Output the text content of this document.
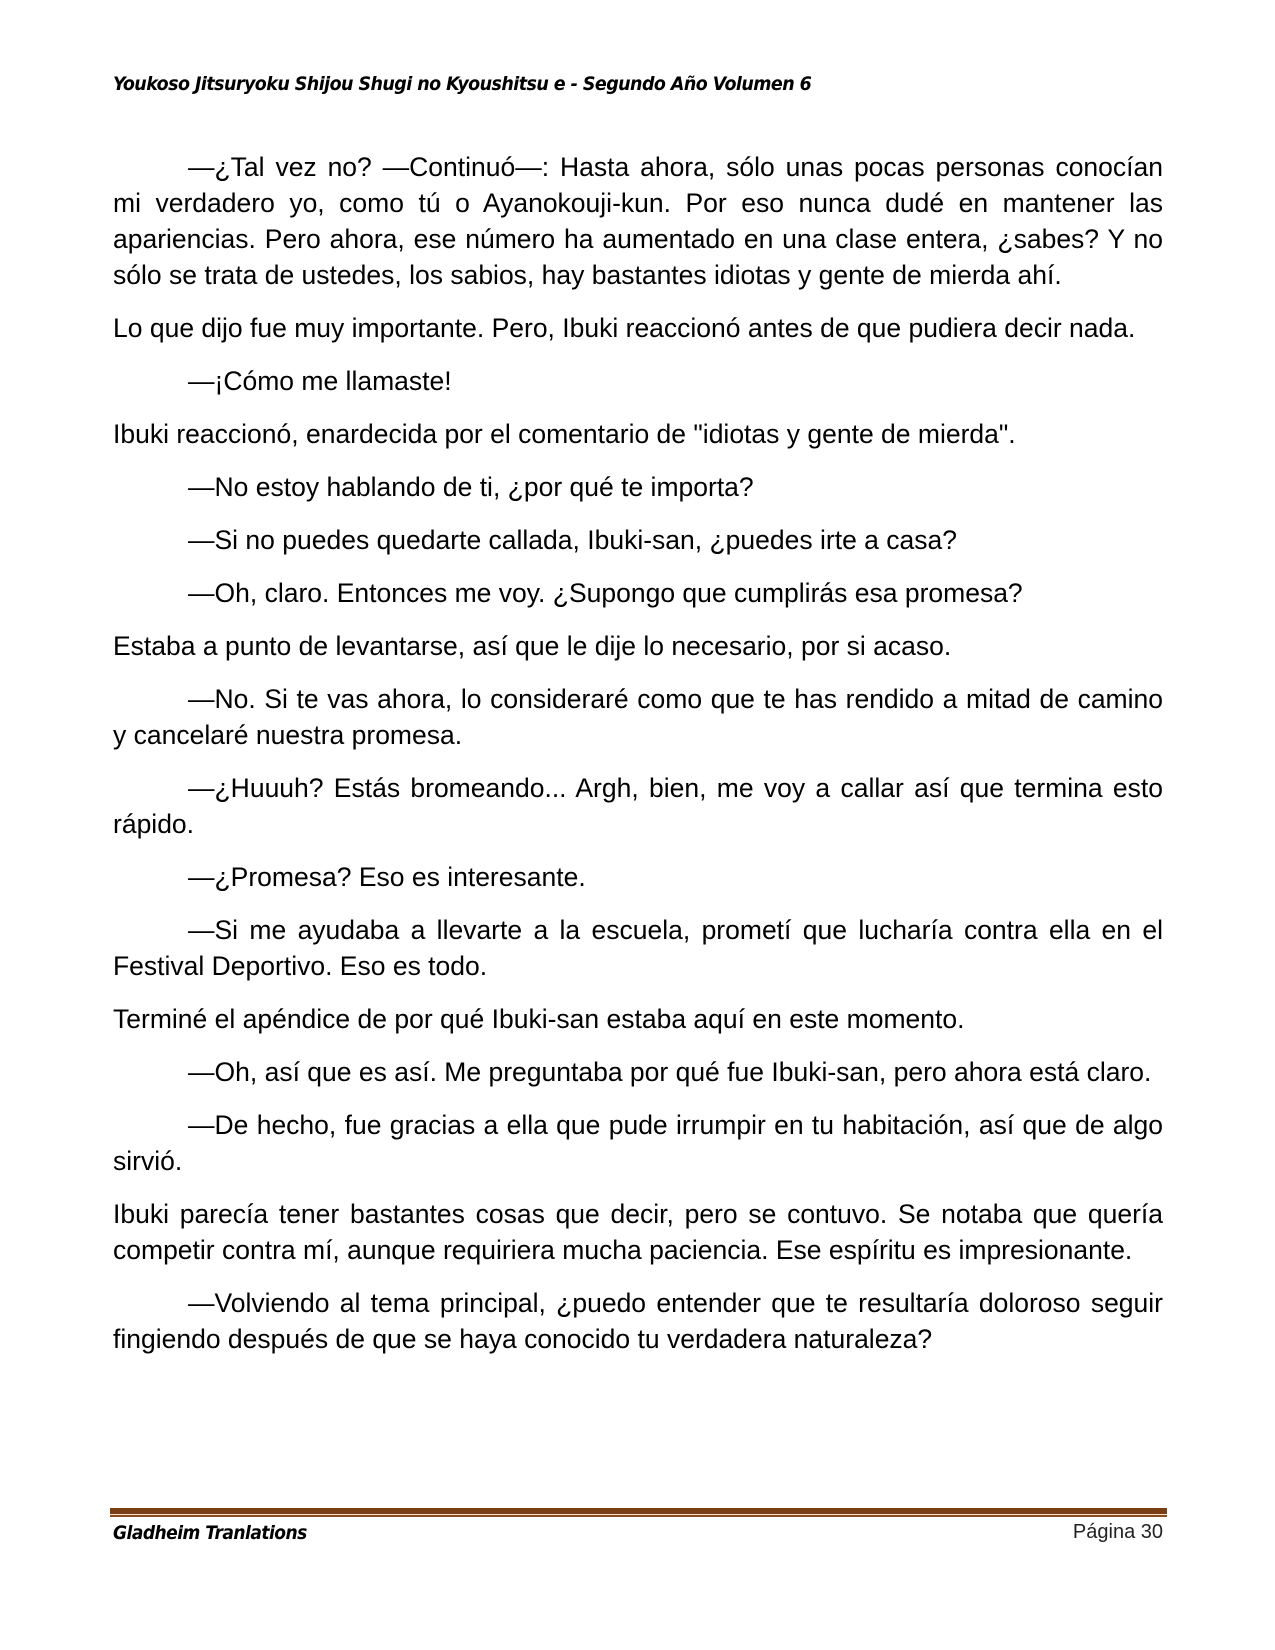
Youkoso Jitsuryoku Shijou Shugi no Kyoushitsu e - Segundo Año Volumen 6

—¿Tal vez no? —Continuó—: Hasta ahora, sólo unas pocas personas conocían mi verdadero yo, como tú o Ayanokouji-kun. Por eso nunca dudé en mantener las apariencias. Pero ahora, ese número ha aumentado en una clase entera, ¿sabes? Y no sólo se trata de ustedes, los sabios, hay bastantes idiotas y gente de mierda ahí.

Lo que dijo fue muy importante. Pero, Ibuki reaccionó antes de que pudiera decir nada.

—¡Cómo me llamaste!

Ibuki reaccionó, enardecida por el comentario de "idiotas y gente de mierda".

—No estoy hablando de ti, ¿por qué te importa?

—Si no puedes quedarte callada, Ibuki-san, ¿puedes irte a casa?

—Oh, claro. Entonces me voy. ¿Supongo que cumplirás esa promesa?

Estaba a punto de levantarse, así que le dije lo necesario, por si acaso.

—No. Si te vas ahora, lo consideraré como que te has rendido a mitad de camino y cancelaré nuestra promesa.

—¿Huuuh? Estás bromeando... Argh, bien, me voy a callar así que termina esto rápido.

—¿Promesa? Eso es interesante.

—Si me ayudaba a llevarte a la escuela, prometí que lucharía contra ella en el Festival Deportivo. Eso es todo.

Terminé el apéndice de por qué Ibuki-san estaba aquí en este momento.

—Oh, así que es así. Me preguntaba por qué fue Ibuki-san, pero ahora está claro.

—De hecho, fue gracias a ella que pude irrumpir en tu habitación, así que de algo sirvió.

Ibuki parecía tener bastantes cosas que decir, pero se contuvo. Se notaba que quería competir contra mí, aunque requiriera mucha paciencia. Ese espíritu es impresionante.

—Volviendo al tema principal, ¿puedo entender que te resultaría doloroso seguir fingiendo después de que se haya conocido tu verdadera naturaleza?

Gladheim Tranlations	Página 30
